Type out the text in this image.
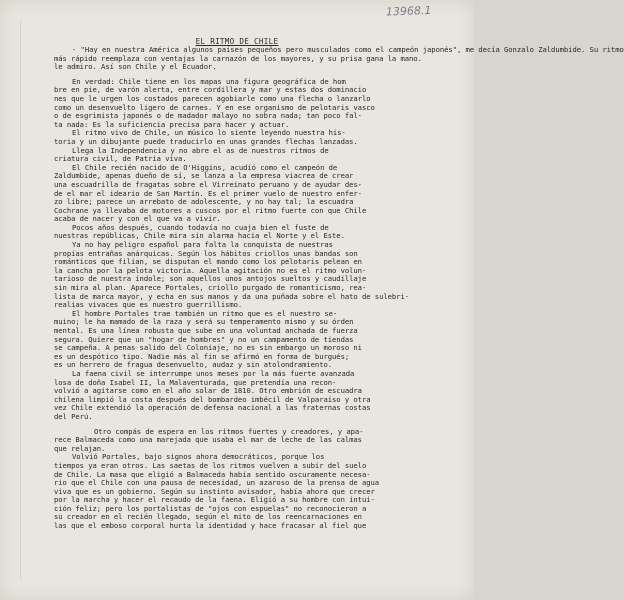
13968.1
EL RITMO DE CHILE
- "Hay en nuestra América algunos países pequeños pero musculados como el campeón japonés", me decía Gonzalo Zaldumbide. Su ritmo
más rápido reemplaza con ventajas la carnazón de los mayores, y su prisa gana la mano.
le admiro. Así son Chile y el Ecuador.
En verdad: Chile tiene en los mapas una figura geográfica de hom
bre en pie, de varón alerta, entre cordillera y mar y estas dos dominacio
nes que le urgen los costados parecen agobiarle como una flecha o lanzarlo
como un desenvuelto ligero de carnes. Y en ese organismo de pelotaris vasco
o de esgrimista japonés o de madador malayo no sobra nada; tan poco fal-
ta nada: Es la suficiencia precisa para hacer y actuar.
El ritmo vivo de Chile, un músico lo siente leyendo nuestra his-
toria y un dibujante puede traducirlo en unas grandes flechas lanzadas.
Llega la Independencia y no abre el as de nuestros ritmos de
criatura civil, de Patria viva.
El Chile recién nacido de O'Higgins, acudió como el campeón de
Zaldumbide, apenas dueño de sí, se lanza a la empresa viacrea de crear
una escuadrilla de fragatas sobre el Virreinato peruano y de ayudar des-
de el mar el ideario de San Martín. Es el primer vuelo de nuestro enfer-
zo libre; parece un arrebato de adolescente, y no hay tal; la escuadra
Cochrane ya llevaba de motores a cuscos por el ritmo fuerte con que Chile
acaba de nacer y con el que va a vivir.
Pocos años después, cuando todavía no cuaja bien el fuste de
nuestras repúblicas, Chile mira sin alarma hacia el Norte y el Este.
Ya no hay peligro español para falta la conquista de nuestras
propias entrañas anárquicas. Según los hábitos criollos unas bandas son
románticos que filian, se disputan el mando como los pelotaris pelean en
la cancha por la pelota victoria. Aquella agitación no es el ritmo volun-
tarioso de nuestra índole; son aquellos unos antojos sueltos y caudillaje
sin mira al plan. Aparece Portales, criollo purgado de romanticismo, rea-
lista de marca mayor, y echa en sus manos y da una puñada sobre el hato de sulebri-
realias vivaces que es nuestro guerrillismo.
El hombre Portales trae también un ritmo que es el nuestro se-
muino; le ha mamado de la raza y será su temperamento mismo y su órden
mental. Es una línea robusta que sube en una voluntad anchada de fuerza
segura. Quiere que un "hogar de hombres" y no un campamento de tiendas
se campeña. A penas salido del Coloniaje, no es sin embargo un moroso ni
es un despótico tipo. Nadie más al fin se afirmó en forma de burgués;
es un herrero de fragua desenvuelto, audaz y sin atolondramiento.
La faena civil se interrumpe unos meses por la más fuerte avanzada
losa de doña Isabel II, la Malaventurada, que pretendía una recon-
volvió a agitarse como en el año solar de 1810. Otro embrión de escuadra
chilena limpió la costa después del bombardeo imbécil de Valparaíso y otra
vez Chile extendió la operación de defensa nacional a las fraternas costas
del Perú.
Otro compás de espera en los ritmos fuertes y creadores, y apa-
rece Balmaceda como una marejada que usaba el mar de leche de las calmas
que relajan.
Volvió Portales, bajo signos ahora democráticos, porque los
tiempos ya eran otros. Las saetas de los ritmos vuelven a subir del suelo
de Chile. La masa que eligió a Balmaceda había sentido oscuramente necesa-
rio que el Chile con una pausa de necesidad, un azaroso de la prensa de agua
viva que es un gobierno. Según su instinto avisador, había ahora que crecer
por la marcha y hacer el recaudo de la faena. Eligió a su hombre con intui-
ción feliz; pero los portalistas de "ojos con espuelas" no reconocieron a
su creador en el recién llegado, según el mito de los reencarnaciones en
las que el emboso corporal hurta la identidad y hace fracasar al fiel que
